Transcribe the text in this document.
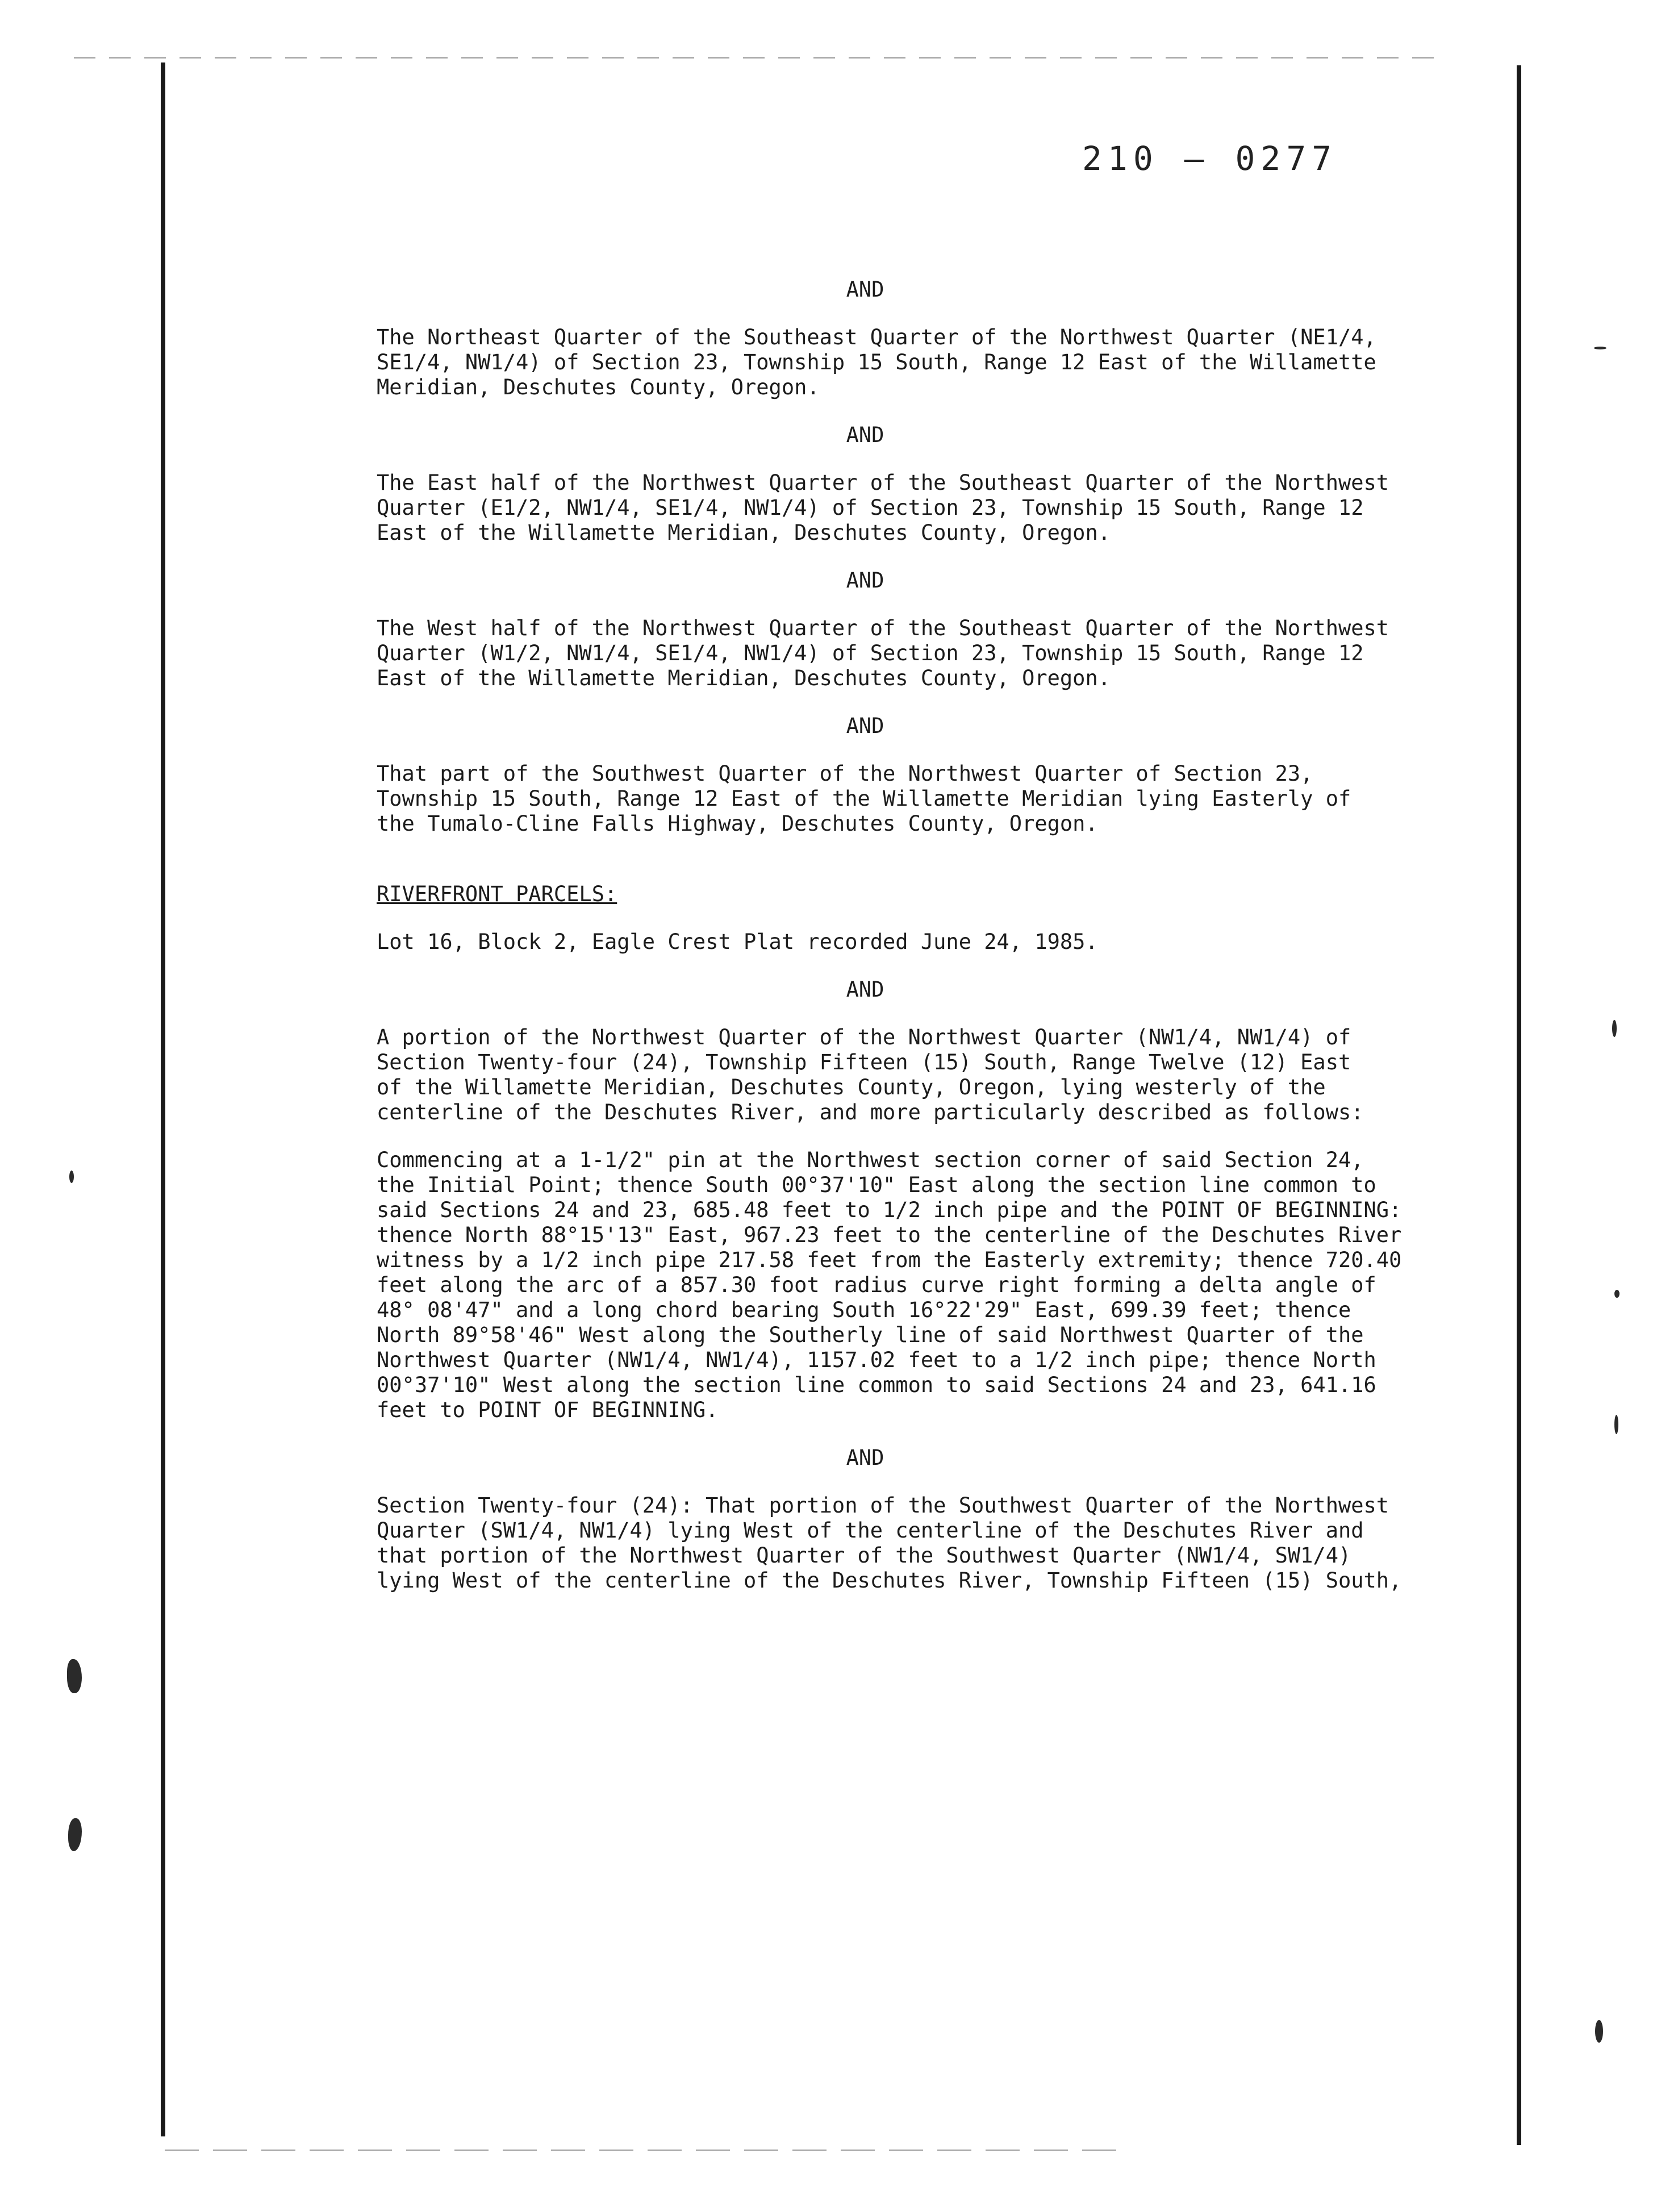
210 – 0277

AND

The Northeast Quarter of the Southeast Quarter of the Northwest Quarter (NE1/4,
SE1/4, NW1/4) of Section 23, Township 15 South, Range 12 East of the Willamette
Meridian, Deschutes County, Oregon.

AND

The East half of the Northwest Quarter of the Southeast Quarter of the Northwest
Quarter (E1/2, NW1/4, SE1/4, NW1/4) of Section 23, Township 15 South, Range 12
East of the Willamette Meridian, Deschutes County, Oregon.

AND

The West half of the Northwest Quarter of the Southeast Quarter of the Northwest
Quarter (W1/2, NW1/4, SE1/4, NW1/4) of Section 23, Township 15 South, Range 12
East of the Willamette Meridian, Deschutes County, Oregon.

AND

That part of the Southwest Quarter of the Northwest Quarter of Section 23,
Township 15 South, Range 12 East of the Willamette Meridian lying Easterly of
the Tumalo-Cline Falls Highway, Deschutes County, Oregon.

RIVERFRONT PARCELS:

Lot 16, Block 2, Eagle Crest Plat recorded June 24, 1985.

AND

A portion of the Northwest Quarter of the Northwest Quarter (NW1/4, NW1/4) of
Section Twenty-four (24), Township Fifteen (15) South, Range Twelve (12) East
of the Willamette Meridian, Deschutes County, Oregon, lying westerly of the
centerline of the Deschutes River, and more particularly described as follows:

Commencing at a 1-1/2" pin at the Northwest section corner of said Section 24,
the Initial Point; thence South 00°37'10" East along the section line common to
said Sections 24 and 23, 685.48 feet to 1/2 inch pipe and the POINT OF BEGINNING:
thence North 88°15'13" East, 967.23 feet to the centerline of the Deschutes River
witness by a 1/2 inch pipe 217.58 feet from the Easterly extremity; thence 720.40
feet along the arc of a 857.30 foot radius curve right forming a delta angle of
48° 08'47" and a long chord bearing South 16°22'29" East, 699.39 feet; thence
North 89°58'46" West along the Southerly line of said Northwest Quarter of the
Northwest Quarter (NW1/4, NW1/4), 1157.02 feet to a 1/2 inch pipe; thence North
00°37'10" West along the section line common to said Sections 24 and 23, 641.16
feet to POINT OF BEGINNING.

AND

Section Twenty-four (24): That portion of the Southwest Quarter of the Northwest
Quarter (SW1/4, NW1/4) lying West of the centerline of the Deschutes River and
that portion of the Northwest Quarter of the Southwest Quarter (NW1/4, SW1/4)
lying West of the centerline of the Deschutes River, Township Fifteen (15) South,
